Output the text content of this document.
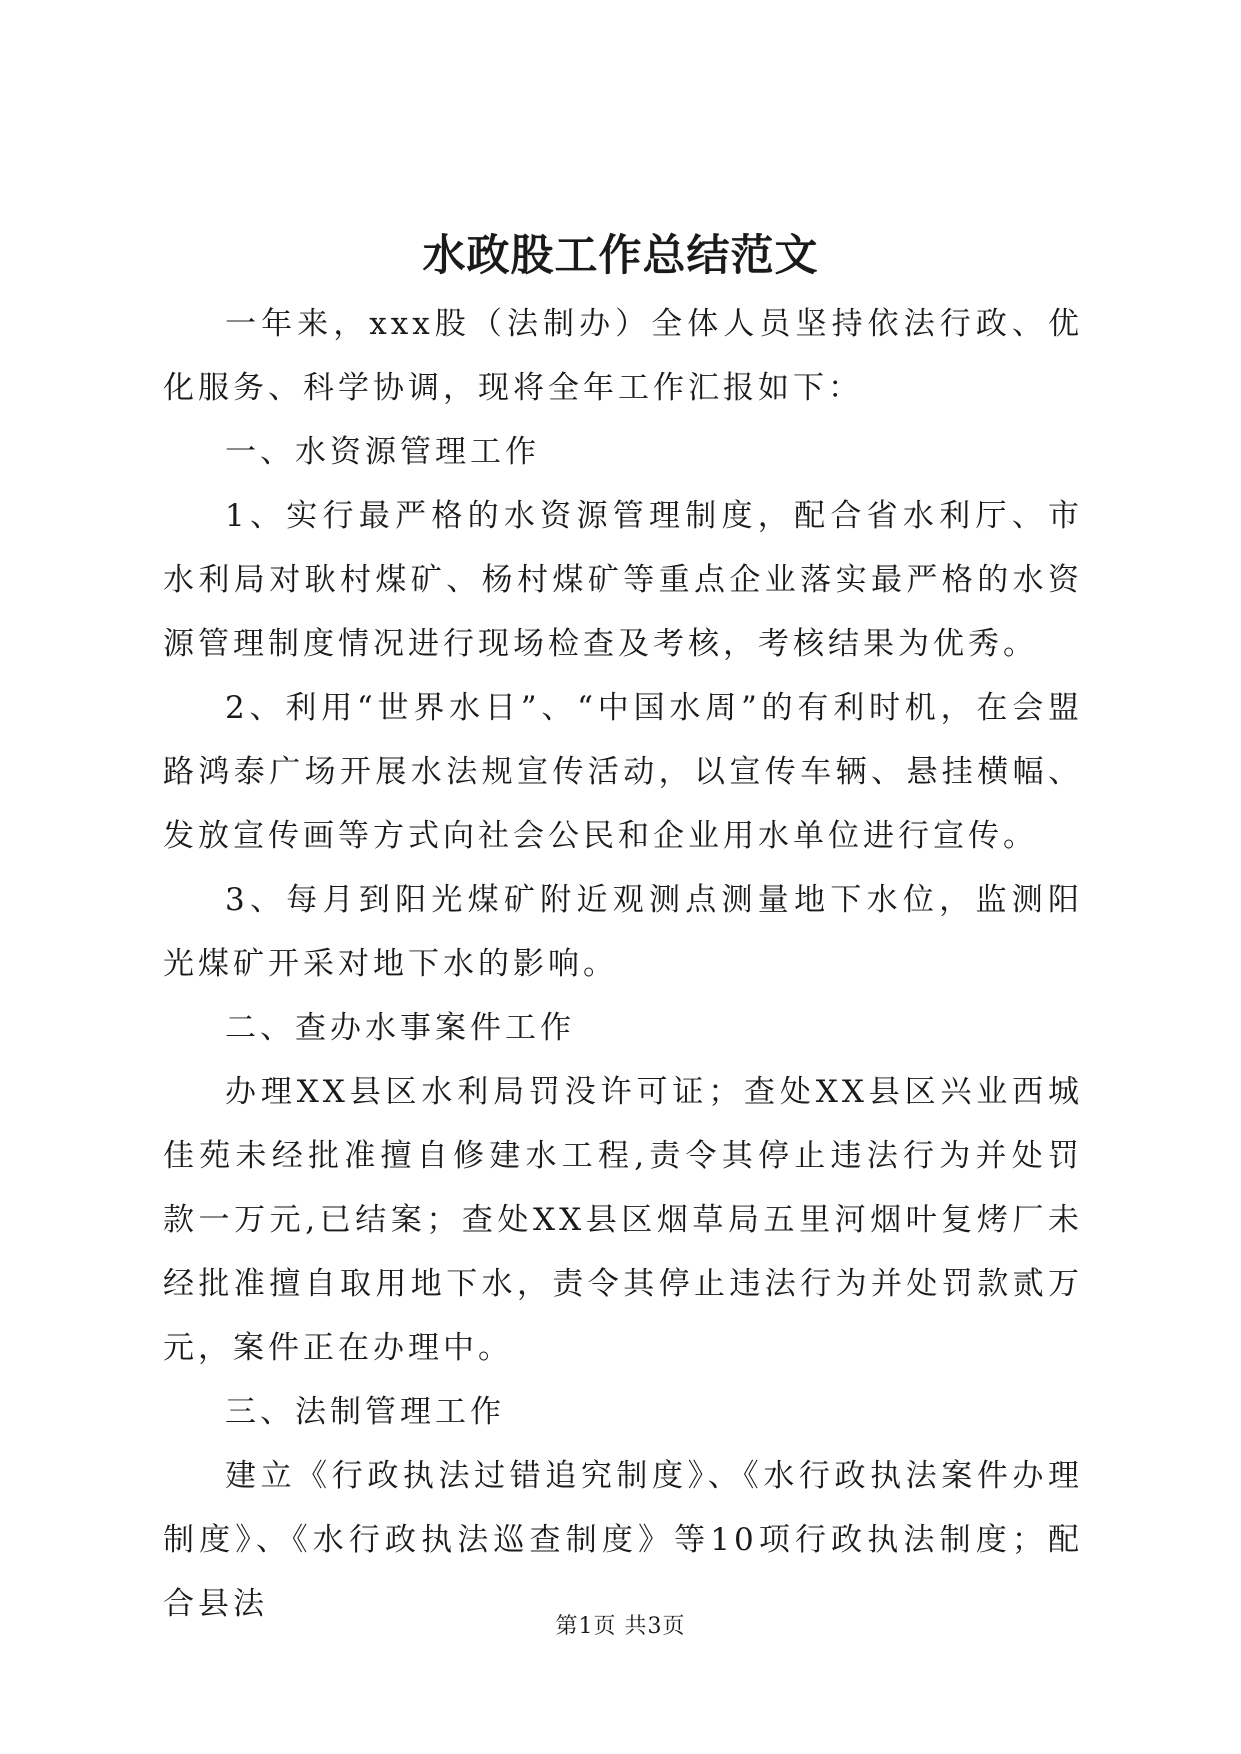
水政股工作总结范文

一年来，xxx股（法制办）全体人员坚持依法行政、优化服务、科学协调，现将全年工作汇报如下：

一、水资源管理工作

1、实行最严格的水资源管理制度，配合省水利厅、市水利局对耿村煤矿、杨村煤矿等重点企业落实最严格的水资源管理制度情况进行现场检查及考核，考核结果为优秀。

2、利用“世界水日”、“中国水周”的有利时机，在会盟路鸿泰广场开展水法规宣传活动，以宣传车辆、悬挂横幅、发放宣传画等方式向社会公民和企业用水单位进行宣传。

3、每月到阳光煤矿附近观测点测量地下水位，监测阳光煤矿开采对地下水的影响。

二、查办水事案件工作

办理XX县区水利局罚没许可证；查处XX县区兴业西城佳苑未经批准擅自修建水工程,责令其停止违法行为并处罚款一万元,已结案；查处XX县区烟草局五里河烟叶复烤厂未经批准擅自取用地下水，责令其停止违法行为并处罚款贰万元，案件正在办理中。

三、法制管理工作

建立《行政执法过错追究制度》、《水行政执法案件办理制度》、《水行政执法巡查制度》等10项行政执法制度；配合县法

第1页 共3页
